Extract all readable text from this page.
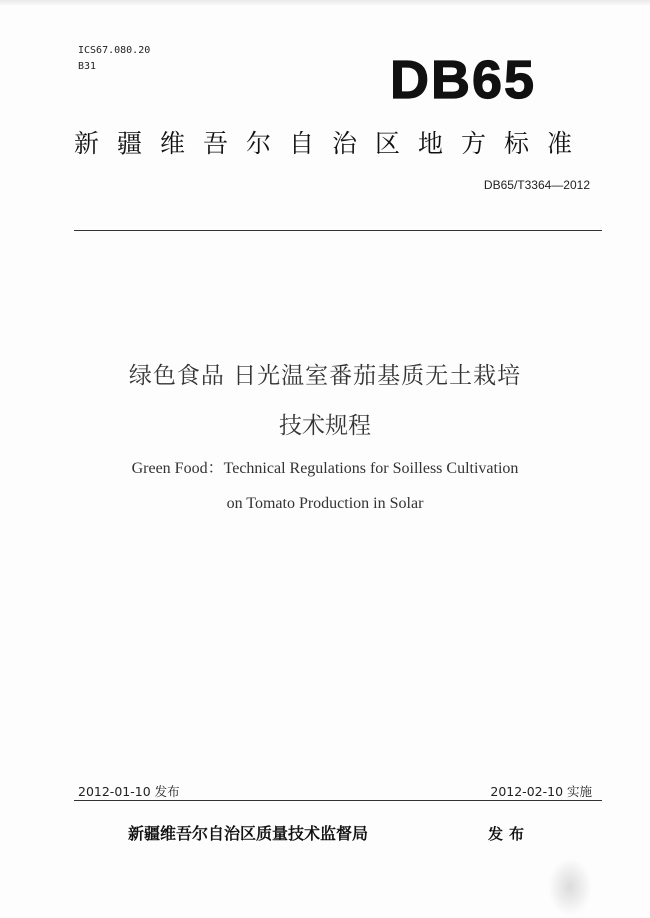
ICS67.080.20
B31	DB65
新疆维吾尔自治区地方标准
DB65/T3364—2012
绿色食品 日光温室番茄基质无土栽培
技术规程
Green Food：Technical Regulations for Soilless Cultivation
on Tomato Production in Solar
2012-01-10 发布	2012-02-10 实施
新疆维吾尔自治区质量技术监督局	发布
